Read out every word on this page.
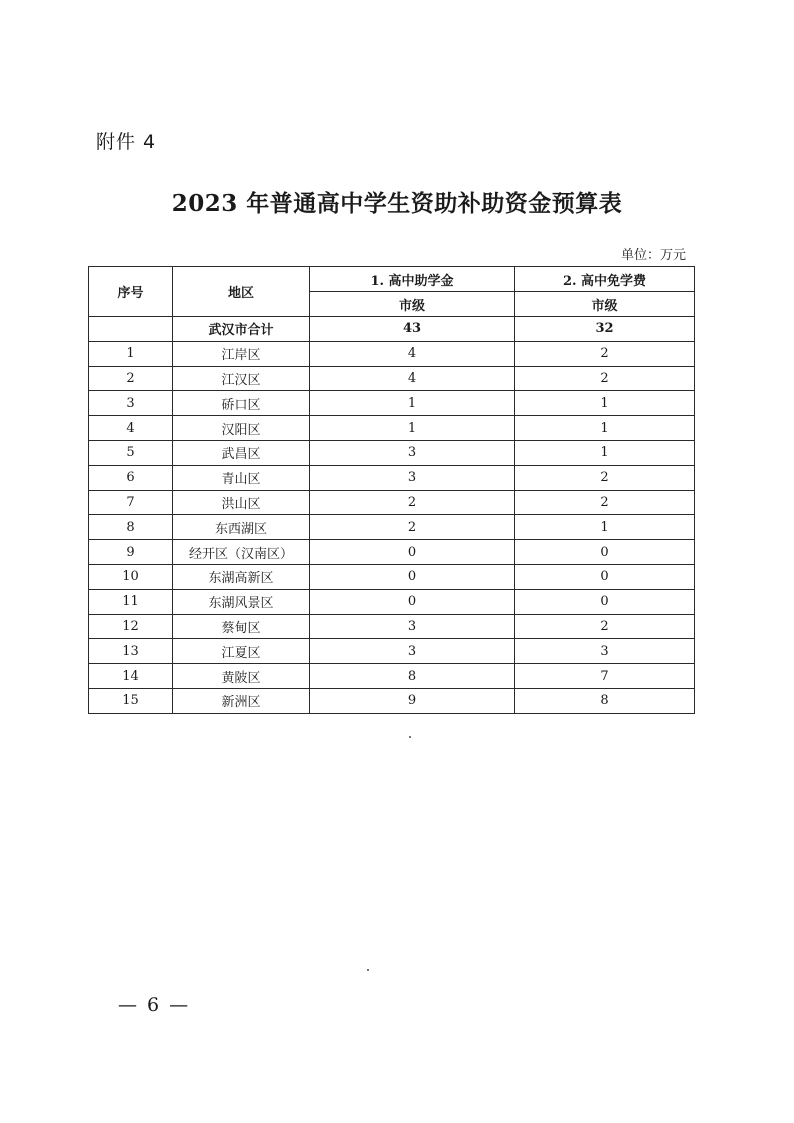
附件 4
2023 年普通高中学生资助补助资金预算表
单位：万元
序号	地区	1. 高中助学金	2. 高中免学费
		市级	市级
	武汉市合计	43	32
1	江岸区	4	2
2	江汉区	4	2
3	硚口区	1	1
4	汉阳区	1	1
5	武昌区	3	1
6	青山区	3	2
7	洪山区	2	2
8	东西湖区	2	1
9	经开区（汉南区）	0	0
10	东湖高新区	0	0
11	东湖风景区	0	0
12	蔡甸区	3	2
13	江夏区	3	3
14	黄陂区	8	7
15	新洲区	9	8
— 6 —
